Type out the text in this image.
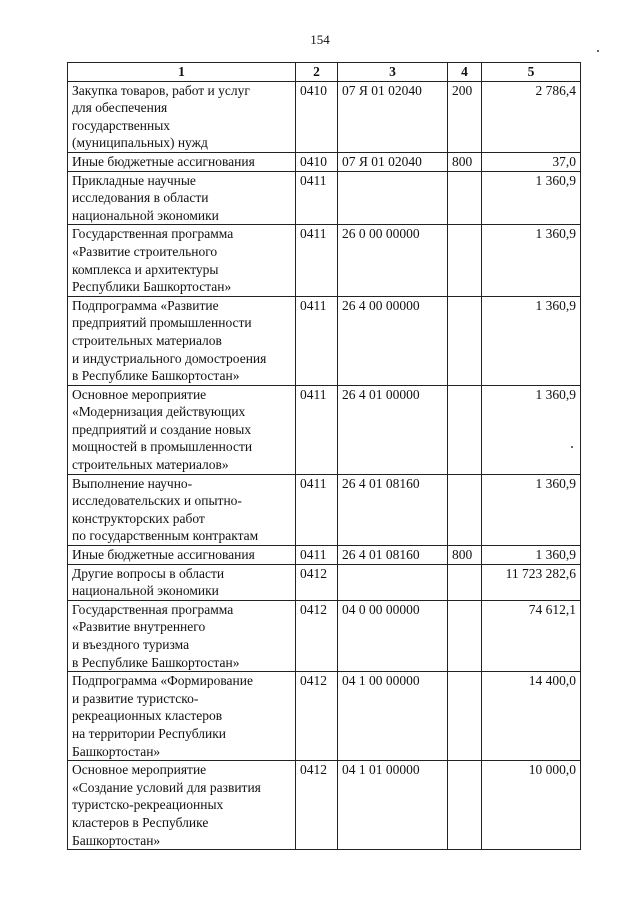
154
1	2	3	4	5
Закупка товаров, работ и услуг
для обеспечения
государственных
(муниципальных) нужд	0410	07 Я 01 02040	200	2 786,4
Иные бюджетные ассигнования	0410	07 Я 01 02040	800	37,0
Прикладные научные
исследования в области
национальной экономики	0411			1 360,9
Государственная программа
«Развитие строительного
комплекса и архитектуры
Республики Башкортостан»	0411	26 0 00 00000		1 360,9
Подпрограмма «Развитие
предприятий промышленности
строительных материалов
и индустриального домостроения
в Республике Башкортостан»	0411	26 4 00 00000		1 360,9
Основное мероприятие
«Модернизация действующих
предприятий и создание новых
мощностей в промышленности
строительных материалов»	0411	26 4 01 00000		1 360,9
Выполнение научно-
исследовательских и опытно-
конструкторских работ
по государственным контрактам	0411	26 4 01 08160		1 360,9
Иные бюджетные ассигнования	0411	26 4 01 08160	800	1 360,9
Другие вопросы в области
национальной экономики	0412			11 723 282,6
Государственная программа
«Развитие внутреннего
и въездного туризма
в Республике Башкортостан»	0412	04 0 00 00000		74 612,1
Подпрограмма «Формирование
и развитие туристско-
рекреационных кластеров
на территории Республики
Башкортостан»	0412	04 1 00 00000		14 400,0
Основное мероприятие
«Создание условий для развития
туристско-рекреационных
кластеров в Республике
Башкортостан»	0412	04 1 01 00000		10 000,0
